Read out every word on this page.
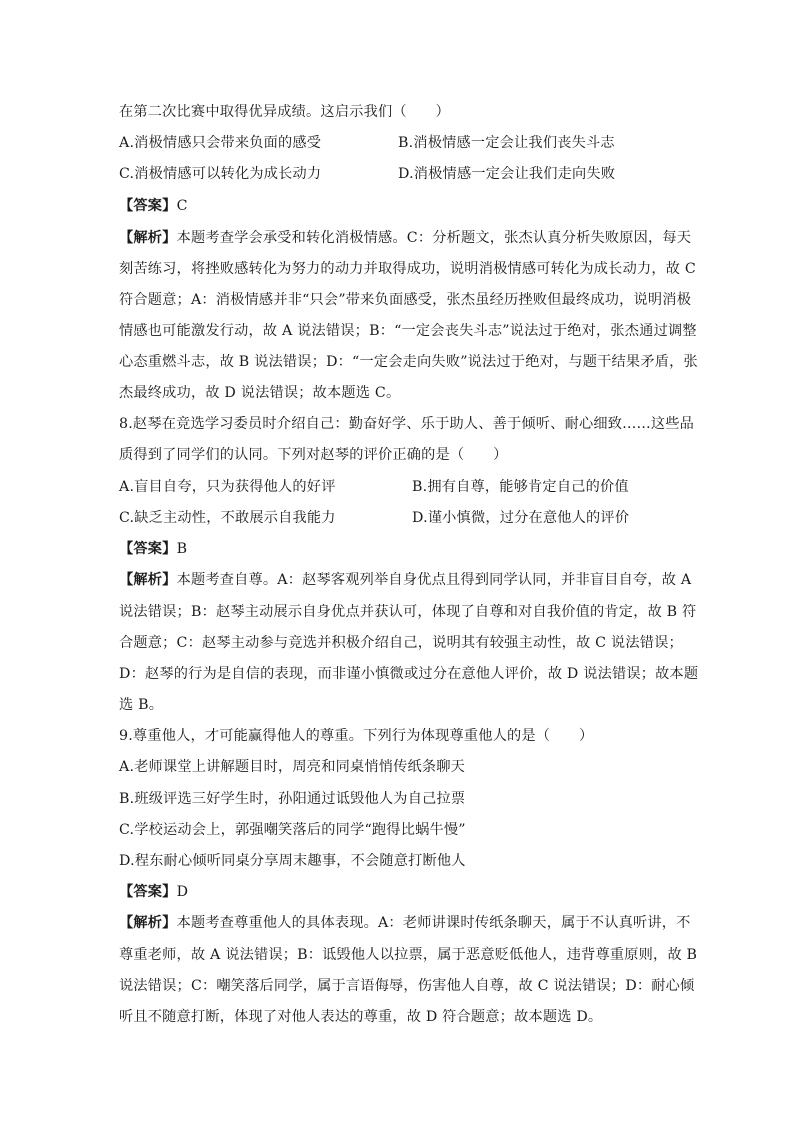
在第二次比赛中取得优异成绩。这启示我们（　　）
A.消极情感只会带来负面的感受	B.消极情感一定会让我们丧失斗志
C.消极情感可以转化为成长动力	D.消极情感一定会让我们走向失败
【答案】C
【解析】本题考查学会承受和转化消极情感。C：分析题文，张杰认真分析失败原因，每天
刻苦练习，将挫败感转化为努力的动力并取得成功，说明消极情感可转化为成长动力，故 C
符合题意；A：消极情感并非“只会”带来负面感受，张杰虽经历挫败但最终成功，说明消极
情感也可能激发行动，故 A 说法错误；B：“一定会丧失斗志”说法过于绝对，张杰通过调整
心态重燃斗志，故 B 说法错误；D：“一定会走向失败”说法过于绝对，与题干结果矛盾，张
杰最终成功，故 D 说法错误；故本题选 C。
8.赵琴在竞选学习委员时介绍自己：勤奋好学、乐于助人、善于倾听、耐心细致……这些品
质得到了同学们的认同。下列对赵琴的评价正确的是（　　）
A.盲目自夸，只为获得他人的好评	B.拥有自尊，能够肯定自己的价值
C.缺乏主动性，不敢展示自我能力	D.谨小慎微，过分在意他人的评价
【答案】B
【解析】本题考查自尊。A：赵琴客观列举自身优点且得到同学认同，并非盲目自夸，故 A
说法错误；B：赵琴主动展示自身优点并获认可，体现了自尊和对自我价值的肯定，故 B 符
合题意；C：赵琴主动参与竞选并积极介绍自己，说明其有较强主动性，故 C 说法错误；
D：赵琴的行为是自信的表现，而非谨小慎微或过分在意他人评价，故 D 说法错误；故本题
选 B。
9.尊重他人，才可能赢得他人的尊重。下列行为体现尊重他人的是（　　）
A.老师课堂上讲解题目时，周亮和同桌悄悄传纸条聊天
B.班级评选三好学生时，孙阳通过诋毁他人为自己拉票
C.学校运动会上，郭强嘲笑落后的同学“跑得比蜗牛慢”
D.程东耐心倾听同桌分享周末趣事，不会随意打断他人
【答案】D
【解析】本题考查尊重他人的具体表现。A：老师讲课时传纸条聊天，属于不认真听讲，不
尊重老师，故 A 说法错误；B：诋毁他人以拉票，属于恶意贬低他人，违背尊重原则，故 B
说法错误；C：嘲笑落后同学，属于言语侮辱，伤害他人自尊，故 C 说法错误；D：耐心倾
听且不随意打断，体现了对他人表达的尊重，故 D 符合题意；故本题选 D。
